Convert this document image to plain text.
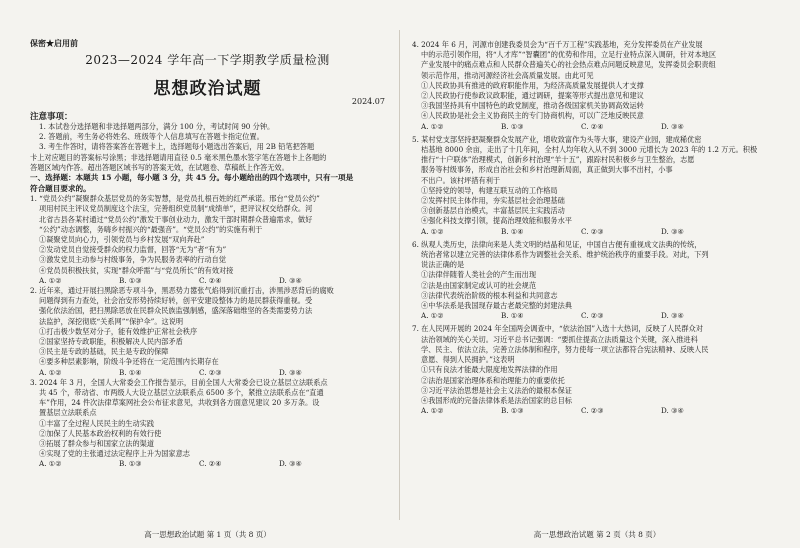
保密★启用前
2023—2024 学年高一下学期教学质量检测
思想政治试题
2024.07
注意事项：
1. 本试卷分选择题和非选择题两部分，满分 100 分，考试时间 90 分钟。
2. 答题前，考生务必将姓名、班级等个人信息填写在答题卡指定位置。
3. 考生作答时，请将答案答在答题卡上，选择题每小题选出答案后，用 2B 铅笔把答题
卡上对应题目的答案标号涂黑；非选择题请用直径 0.5 毫米黑色墨水签字笔在答题卡上各题的
答题区域内作答。超出答题区域书写的答案无效，在试题卷、草稿纸上作答无效。
一、选择题：本题共 15 小题，每小题 3 分，共 45 分。每小题给出的四个选项中，只有一项是
符合题目要求的。
1. “党员公约”凝聚群众基层党员的务实智慧，是党员扎根百姓的红严承诺。邢台“党员公约”
项用村民主评议党员制度这个法宝，完善组织党员制“成绩单”，把评议权交给群众。河
北省古县各某村通过“党员公约”激发于事创业动力，激发干部时期群众普遍需求，做好
“公约”动态调整，务嗨乡村振兴的“最强音”。“党员公约”的实施有利于
①凝聚党员向心力，引领党员与乡村发展“双向奔赴”
②发动党员自觉接受群众的权力监督，回答“无为”者“有为”
③激发党员主动参与村级事务，争为民服务表率的行动自觉
④党员员积极扶贫，实现“群众呼需”与“党员所长”的有效对接
A. ①②	B. ①③	C. ②④	D. ③④
2. 近年来，通过开展扫黑除恶专项斗争，黑恶势力嚣张气焰得到沉重打击，涉黑涉恶背后的腐败
问题得到有力查处，社会治安形势持续好转，创平安建设整体力的是民群获得重视。受
强化依法治国，把扫黑除恶放在民群众民族监强制感，盛深落础维坚的各类需要势力法
法监护，深挖彻底“关系网”“保护伞”。这说明
①打击极少数坚对分子，能有效维护正常社会秩序
②国家坚持专政职能，积极解决人民内部矛盾
③民主是专政的基础，民主是专政的保障
④要多种层素影响，阶级斗争还将在一定范围内长期存在
A. ①②	B. ①④	C. ②③	D. ③④
3. 2024 年 3 月，全国人大常委会工作报告显示，目前全国人大常委会已设立基层立法联系点
共 45 个，带动省、市两级人大设立基层立法联系点 6500 多个，紧推立法联系点在“直通
车”作用，24 件次法律草案网社会公布征求意见，共收到各方面意见建议 20 多万条。设
置基层立法联系点
①丰富了全过程人民民主的生动实践
②加保了人民基本政治权利的有效行使
③拓展了群众参与和国家立法的渠道
④实现了党的主张通过法定程序上升为国家意志
A. ①②	B. ①③	C. ②④	D. ③④
高一思想政治试题 第 1 页（共 8 页）
4. 2024 年 6 月，河源市创建我委员会为“百千万工程”实践基地，充分发挥委员在产业发展
中的示范引领作用，将“人才库”“智囊团”的优势和作用，立足行业特点深入调研，针对本地区
产业发展中的痛点难点和人民群众普遍关心的社会热点难点问题反映意见，发挥委员会职责组
领示范作用，推动河源经济社会高质量发展。由此可见
①人民政协具有推进的政府职能作用，为经济高质量发展提供人才支撑
②人民政协行使参政议政职能，通过调研，提案等形式提出意见和建议
③我国坚持具有中国特色的政党制度，推动各级国家机关协调高效运转
④人民政协是社会主义协商民主的专门协商机构，可以广泛地反映民意
A. ①②	B. ①③	C. ②④	D. ③④
5. 某村党支部坚持把凝聚群众发展产业，增收致富作为头等大事，建设产业园，建成稀优密
桔基地 8000 余亩，走出了十几年间，全村人均年收入从不到 3000 元增长为 2023 年的 1.2 万元。积极
推行“十户联体”治理模式，创新乡村治理“羊十五”，跟踪村民积极乡与卫生整治，志愿
服务等村级事务，形成自治社会和乡村治理新局面，真正做到大事不出村，小事
不出户。该村坪措有利于
①坚持党的领导，构建互联互动的工作格局
②发挥村民主体作用，夯实基层社会治理基础
③创新基层自治模式，丰富基层民主实践活动
④强化科技支撑引领，提高治理效能和服务水平
A. ①②	B. ①④	C. ②③	D. ③④
6. 纵观人类历史，法律向来是人类文明的结晶和见证，中国自古便有重视成文法典的传统，
统治者常以建立完善的法律体系作为调整社会关系、维护统治秩序的重要手段。对此，下列
说法正确的是
①法律伴随着人类社会的产生而出现
②法是由国家制定或认可的社会规范
③法律代表统治阶级的根本利益和共同意志
④中华法系是我国现存最古老最完整的封建法典
A. ①②	B. ①④	C. ②③	D. ③④
7. 在人民网开展的 2024 年全国两会调查中，“依法治国”入选十大热词，反映了人民群众对
法治领域的关心关切。习近平总书记强调：“要抓住提高立法质量这个关键，深入推进科
学、民主、依法立法，完善立法体制和程序，努力使每一项立法都符合宪法精神、反映人民
意愿、得到人民拥护。”这表明
①只有良法才能最大限度地发挥法律的作用
②法治是国家治理体系和治理能力的重要依托
③习近平法治思想是社会主义法治的最根本保证
④我国形成的完备法律体系是法治国家的总目标
A. ①②	B. ①③	C. ②③	D. ③④
高一思想政治试题 第 2 页（共 8 页）
